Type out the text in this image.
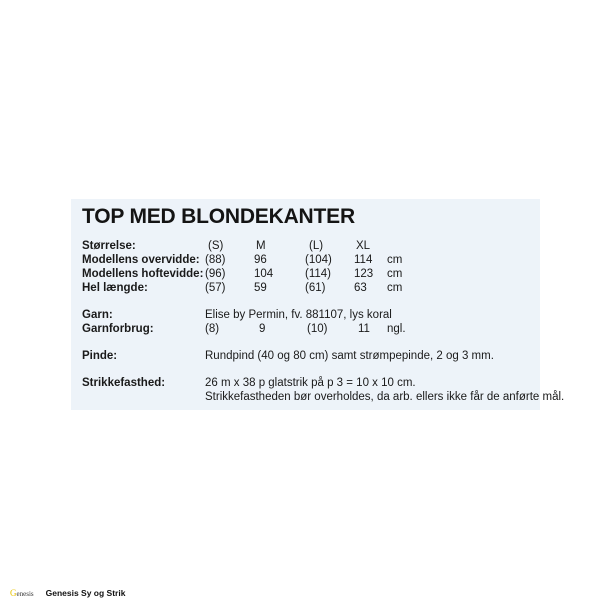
TOP MED BLONDEKANTER
Størrelse:	(S)	M	(L)	XL
Modellens overvidde: (88) 96	(104) 114 cm
Modellens hoftevidde: (96) 104	(114) 123 cm
Hel længde:	(57) 59	(61) 63 cm
Garn:	Elise by Permin, fv. 881107, lys koral
Garnforbrug:	(8)	9	(10)	11 ngl.
Pinde:	Rundpind (40 og 80 cm) samt strømpepinde, 2 og 3 mm.
Strikkefasthed:	26 m x 38 p glatstrik på p 3 = 10 x 10 cm.
Strikkefastheden bør overholdes, da arb. ellers ikke får de anførte mål.
Genesis Genesis Sy og Strik
